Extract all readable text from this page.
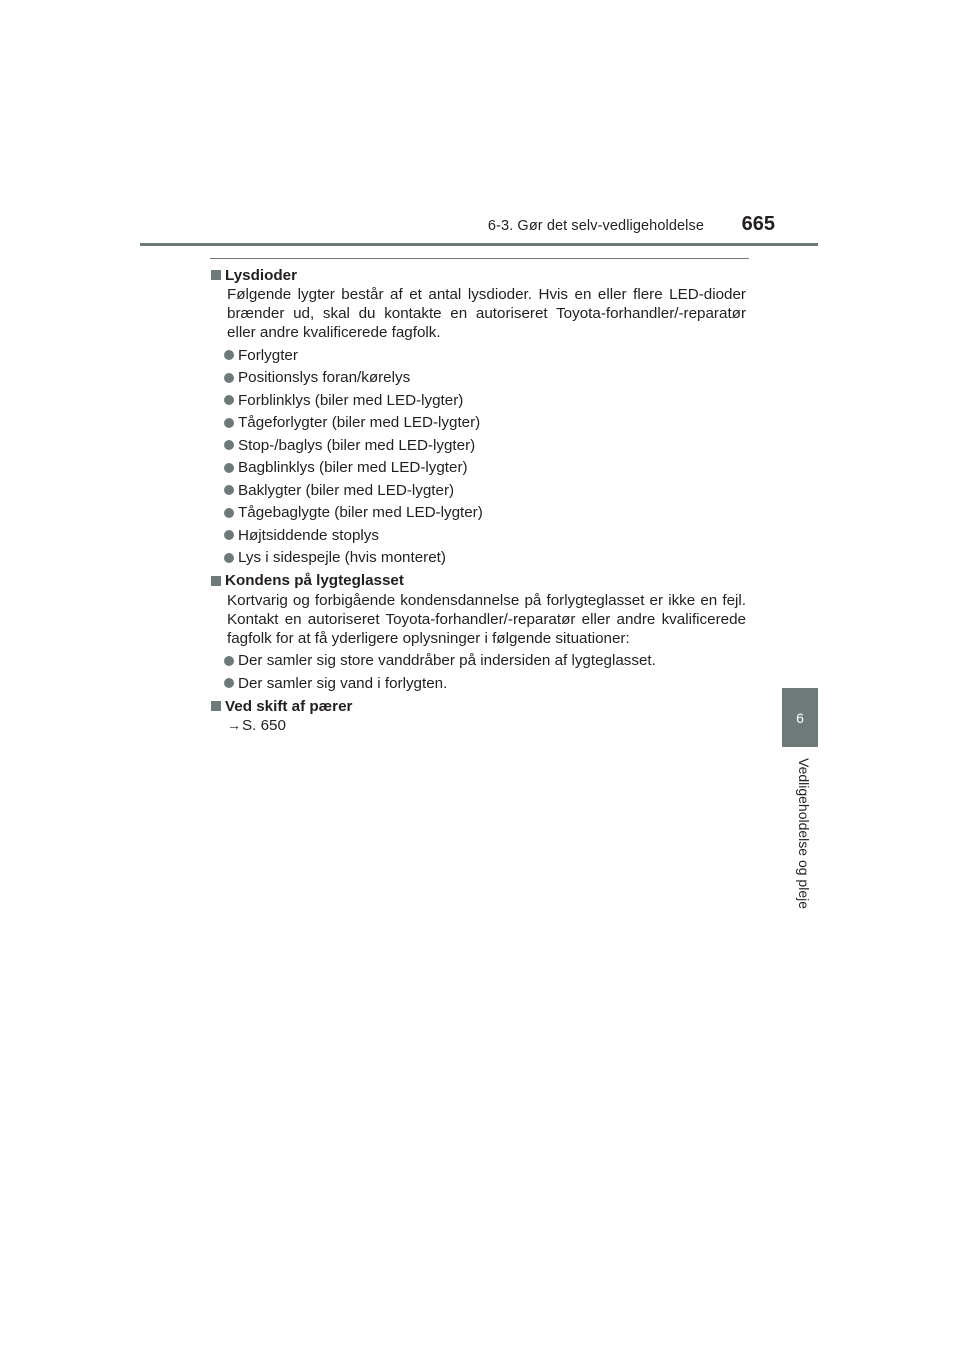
6-3. Gør det selv-vedligeholdelse	665
6
Vedligeholdelse og pleje
Lysdioder

Følgende lygter består af et antal lysdioder. Hvis en eller flere LED-dioder brænder ud, skal du kontakte en autoriseret Toyota-forhandler/-reparatør eller andre kvalificerede fagfolk.

Forlygter
Positionslys foran/kørelys
Forblinklys (biler med LED-lygter)
Tågeforlygter (biler med LED-lygter)
Stop-/baglys (biler med LED-lygter)
Bagblinklys (biler med LED-lygter)
Baklygter (biler med LED-lygter)
Tågebaglygte (biler med LED-lygter)
Højtsiddende stoplys
Lys i sidespejle (hvis monteret)
Kondens på lygteglasset

Kortvarig og forbigående kondensdannelse på forlygteglasset er ikke en fejl. Kontakt en autoriseret Toyota-forhandler/-reparatør eller andre kvalificerede fagfolk for at få yderligere oplysninger i følgende situationer:

Der samler sig store vanddråber på indersiden af lygteglasset.
Der samler sig vand i forlygten.
Ved skift af pærer
→ S. 650
